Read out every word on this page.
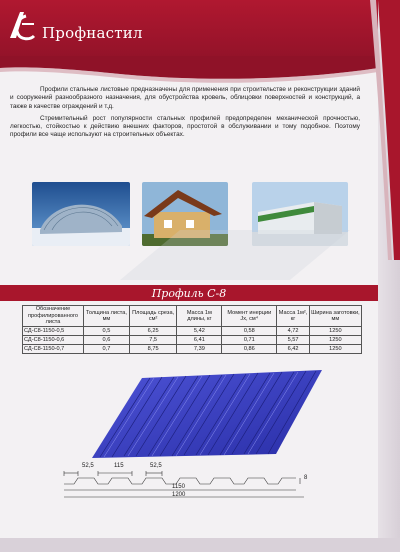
Профнастил

Профили стальные листовые предназначены для применения при строительстве и реконструкции зданий и сооружений разнообразного назначения, для обустройства кровель, облицовки поверхностей и конструкций, а также в качестве ограждений и т.д.

Стремительный рост популярности стальных профилей предопределен механической прочностью, легкостью, стойкостью к действию внешних факторов, простотой в обслуживании и тому подобное. Поэтому профили все чаще используют на строительных объектах.

Профиль С-8
Обозначение профилированного листа	Толщина листа, мм	Площадь среза, см²	Масса 1м длины, кг	Момент инерции Jx, см⁴	Масса 1м², кг	Ширина заготовки, мм
СД-С8-1150-0,5	0,5	6,25	5,42	0,58	4,72	1250
СД-С8-1150-0,6	0,6	7,5	6,41	0,71	5,57	1250
СД-С8-1150-0,7	0,7	8,75	7,39	0,86	6,42	1250
52,5	115	52,5
1150
1200
8
